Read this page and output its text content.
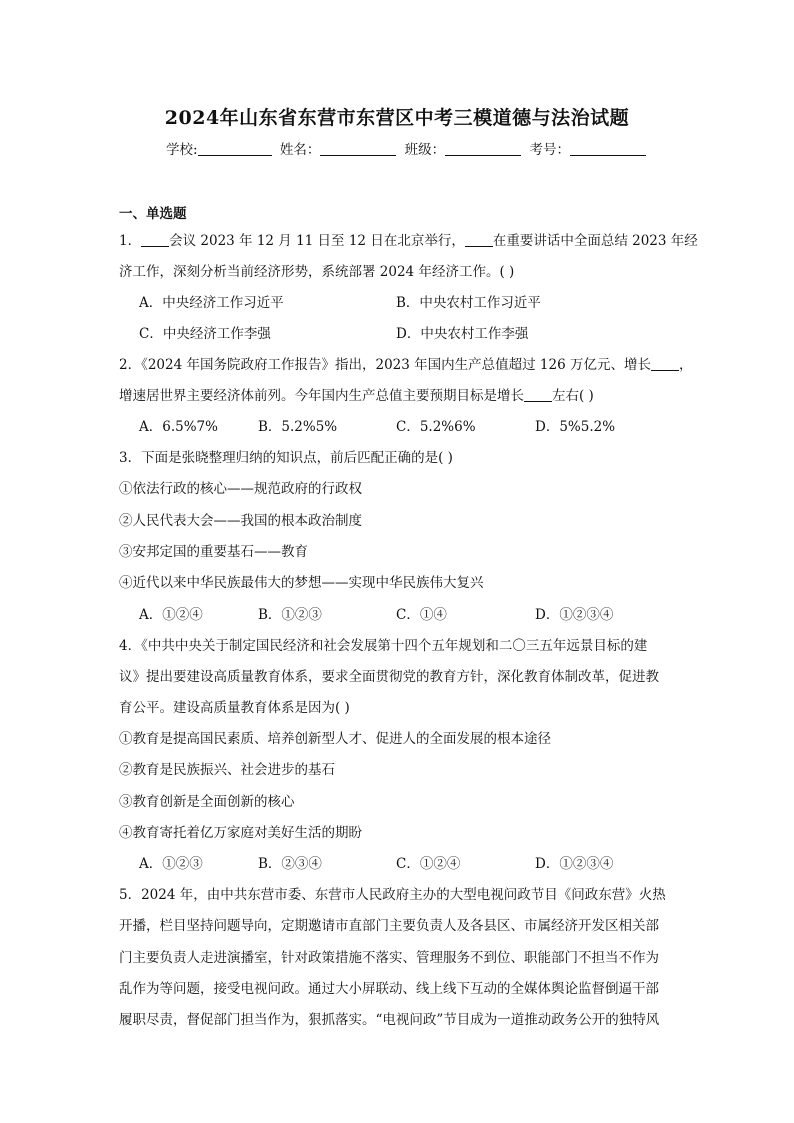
2024年山东省东营市东营区中考三模道德与法治试题
学校:	姓名：	班级：	考号：
一、单选题
1． 会议 2023 年 12 月 11 日至 12 日在北京举行， 在重要讲话中全面总结 2023 年经
济工作，深刻分析当前经济形势，系统部署 2024 年经济工作。( )
A．中央经济工作习近平	B．中央农村工作习近平
C．中央经济工作李强	D．中央农村工作李强
2．《2024 年国务院政府工作报告》指出，2023 年国内生产总值超过 126 万亿元、增长 ，
增速居世界主要经济体前列。今年国内生产总值主要预期目标是增长 左右( )
A．6.5%7%	B．5.2%5%	C．5.2%6%	D．5%5.2%
3．下面是张晓整理归纳的知识点，前后匹配正确的是( )
①依法行政的核心——规范政府的行政权
②人民代表大会——我国的根本政治制度
③安邦定国的重要基石——教育
④近代以来中华民族最伟大的梦想——实现中华民族伟大复兴
A．①②④	B．①②③	C．①④	D．①②③④
4．《中共中央关于制定国民经济和社会发展第十四个五年规划和二〇三五年远景目标的建
议》提出要建设高质量教育体系，要求全面贯彻党的教育方针，深化教育体制改革，促进教
育公平。建设高质量教育体系是因为( )
①教育是提高国民素质、培养创新型人才、促进人的全面发展的根本途径
②教育是民族振兴、社会进步的基石
③教育创新是全面创新的核心
④教育寄托着亿万家庭对美好生活的期盼
A．①②③	B．②③④	C．①②④	D．①②③④
5．2024 年，由中共东营市委、东营市人民政府主办的大型电视问政节目《问政东营》火热
开播，栏目坚持问题导向，定期邀请市直部门主要负责人及各县区、市属经济开发区相关部
门主要负责人走进演播室，针对政策措施不落实、管理服务不到位、职能部门不担当不作为
乱作为等问题，接受电视问政。通过大小屏联动、线上线下互动的全媒体舆论监督倒逼干部
履职尽责，督促部门担当作为，狠抓落实。“电视问政”节目成为一道推动政务公开的独特风
